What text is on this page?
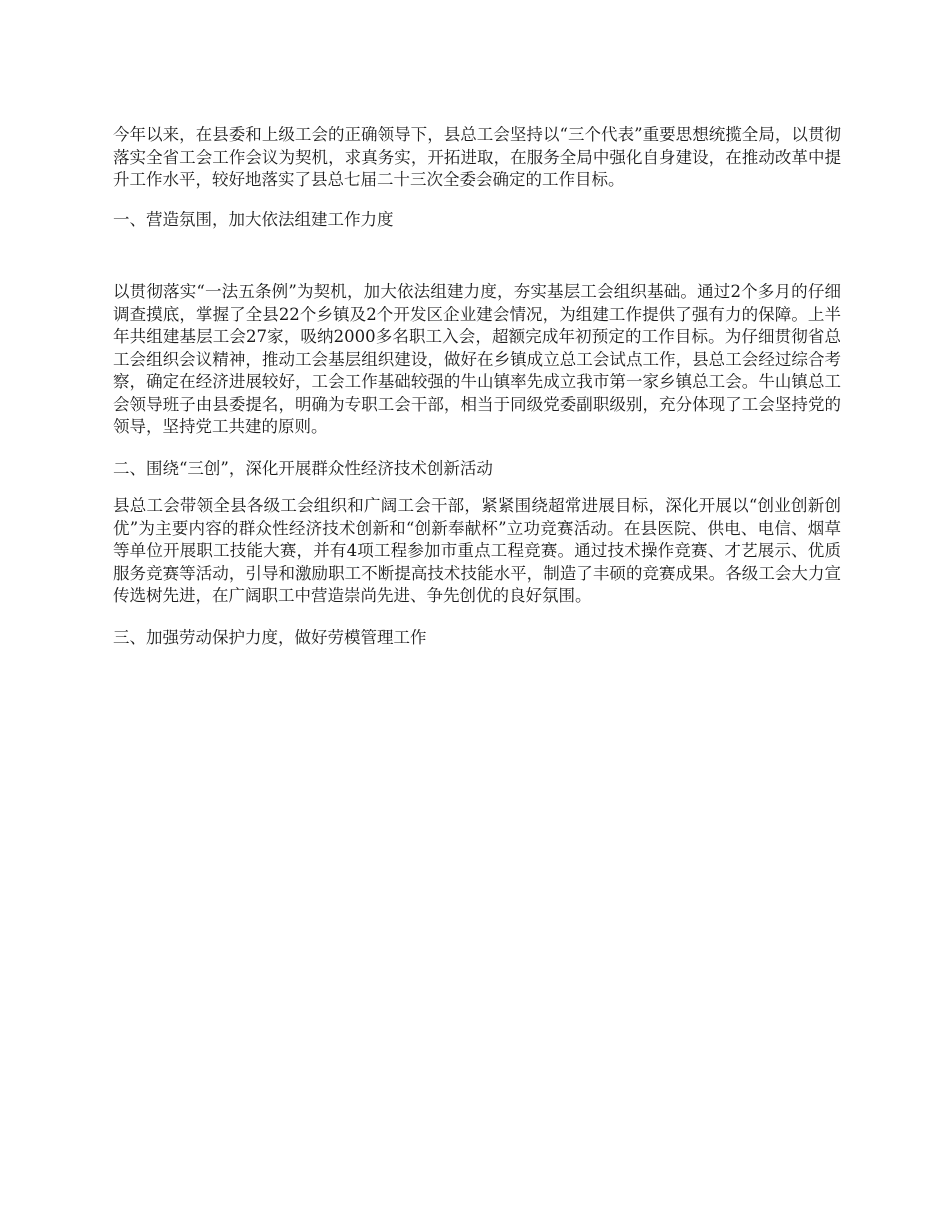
今年以来，在县委和上级工会的正确领导下，县总工会坚持以“三个代表”重要思想统揽全局，以贯彻落实全省工会工作会议为契机，求真务实，开拓进取，在服务全局中强化自身建设，在推动改革中提升工作水平，较好地落实了县总七届二十三次全委会确定的工作目标。

一、营造氛围，加大依法组建工作力度

以贯彻落实“一法五条例”为契机，加大依法组建力度，夯实基层工会组织基础。通过2个多月的仔细调查摸底，掌握了全县22个乡镇及2个开发区企业建会情况，为组建工作提供了强有力的保障。上半年共组建基层工会27家，吸纳2000多名职工入会，超额完成年初预定的工作目标。为仔细贯彻省总工会组织会议精神，推动工会基层组织建设，做好在乡镇成立总工会试点工作，县总工会经过综合考察，确定在经济进展较好，工会工作基础较强的牛山镇率先成立我市第一家乡镇总工会。牛山镇总工会领导班子由县委提名，明确为专职工会干部，相当于同级党委副职级别，充分体现了工会坚持党的领导，坚持党工共建的原则。

二、围绕“三创”，深化开展群众性经济技术创新活动

县总工会带领全县各级工会组织和广阔工会干部，紧紧围绕超常进展目标，深化开展以“创业创新创优”为主要内容的群众性经济技术创新和“创新奉献杯”立功竞赛活动。在县医院、供电、电信、烟草等单位开展职工技能大赛，并有4项工程参加市重点工程竞赛。通过技术操作竞赛、才艺展示、优质服务竞赛等活动，引导和激励职工不断提高技术技能水平，制造了丰硕的竞赛成果。各级工会大力宣传选树先进，在广阔职工中营造崇尚先进、争先创优的良好氛围。

三、加强劳动保护力度，做好劳模管理工作
